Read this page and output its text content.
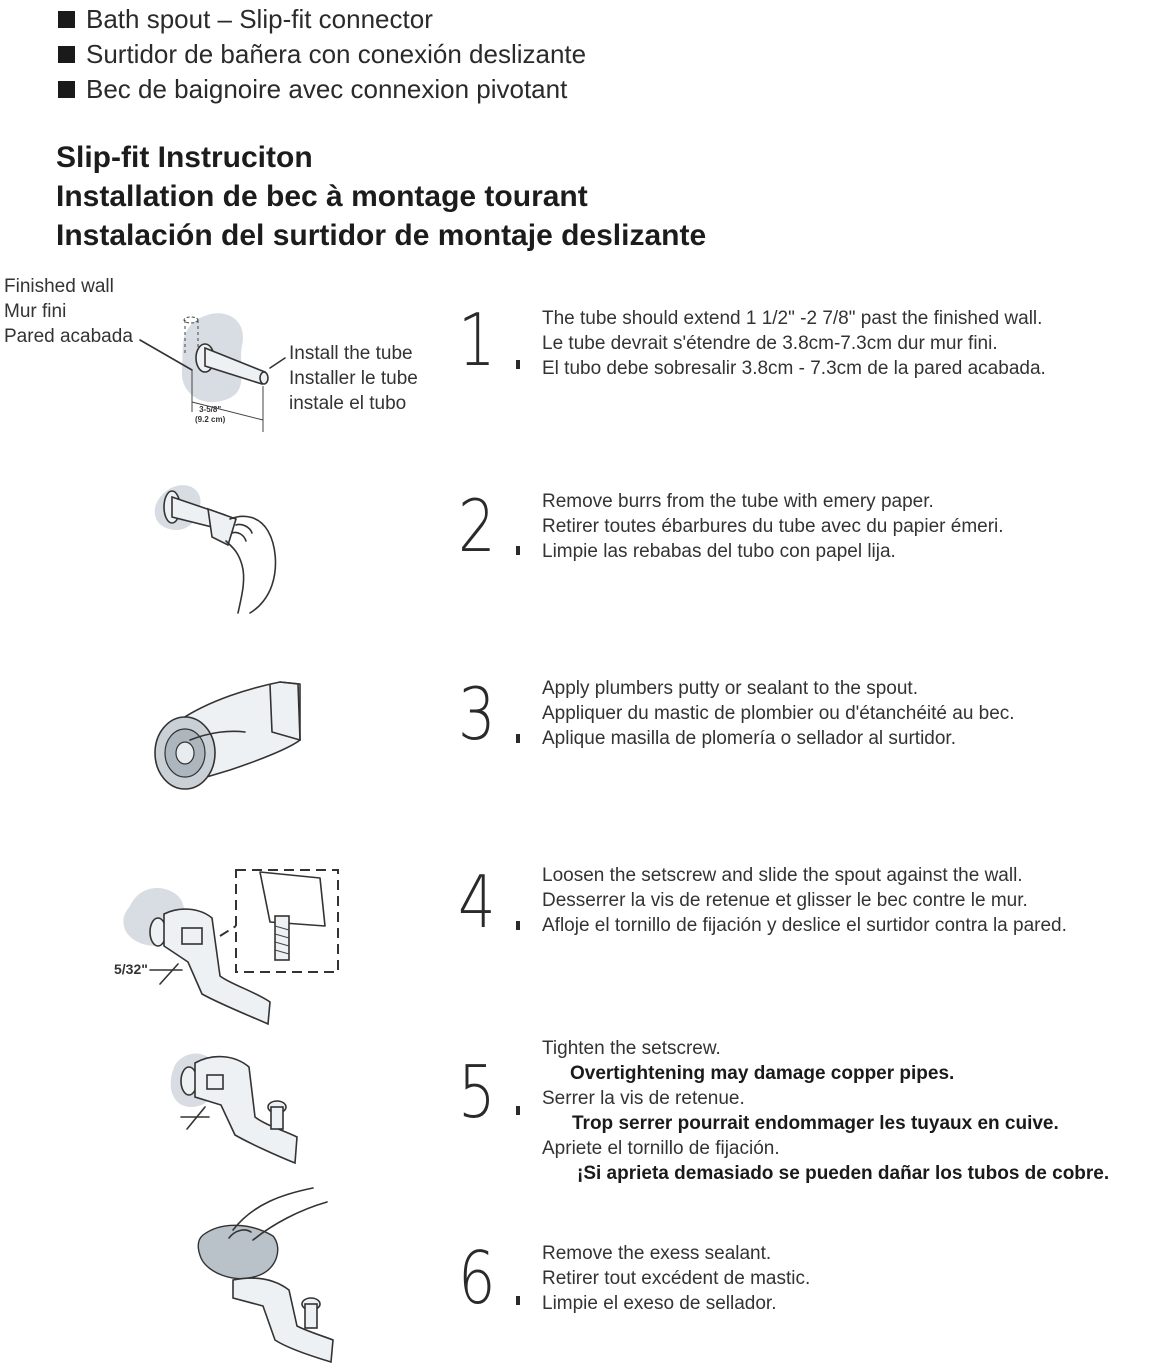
Bath spout – Slip-fit connector
Surtidor de bañera con conexión deslizante
Bec de baignoire avec connexion pivotant
Slip-fit Instruciton
Installation de bec à montage tourant
Instalación del surtidor de montaje deslizante
Finished wall
Mur fini
Pared acabada
Install the tube
Installer le tube
instale el tubo
3-5/8"
(9.2 cm)
5/32"
1
2
3
4
5
6
The tube should extend 1 1/2" -2 7/8" past the finished wall.
Le tube devrait s'étendre de 3.8cm-7.3cm dur mur fini.
El tubo debe sobresalir 3.8cm - 7.3cm de la pared acabada.
Remove burrs from the tube with emery paper.
Retirer toutes ébarbures du tube avec du papier émeri.
Limpie las rebabas del tubo con papel lija.
Apply plumbers putty or sealant to the spout.
Appliquer du mastic de plombier ou d'étanchéité au bec.
Aplique masilla de plomería o sellador al surtidor.
Loosen the setscrew and slide the spout against the wall.
Desserrer la vis de retenue et glisser le bec contre le mur.
Afloje el tornillo de fijación y deslice el surtidor contra la pared.
Tighten the setscrew.
Overtightening may damage copper pipes.
Serrer la vis de retenue.
Trop serrer pourrait endommager les tuyaux en cuive.
Apriete el tornillo de fijación.
¡Si aprieta demasiado se pueden dañar los tubos de cobre.
Remove the exess sealant.
Retirer tout excédent de mastic.
Limpie el exeso de sellador.
